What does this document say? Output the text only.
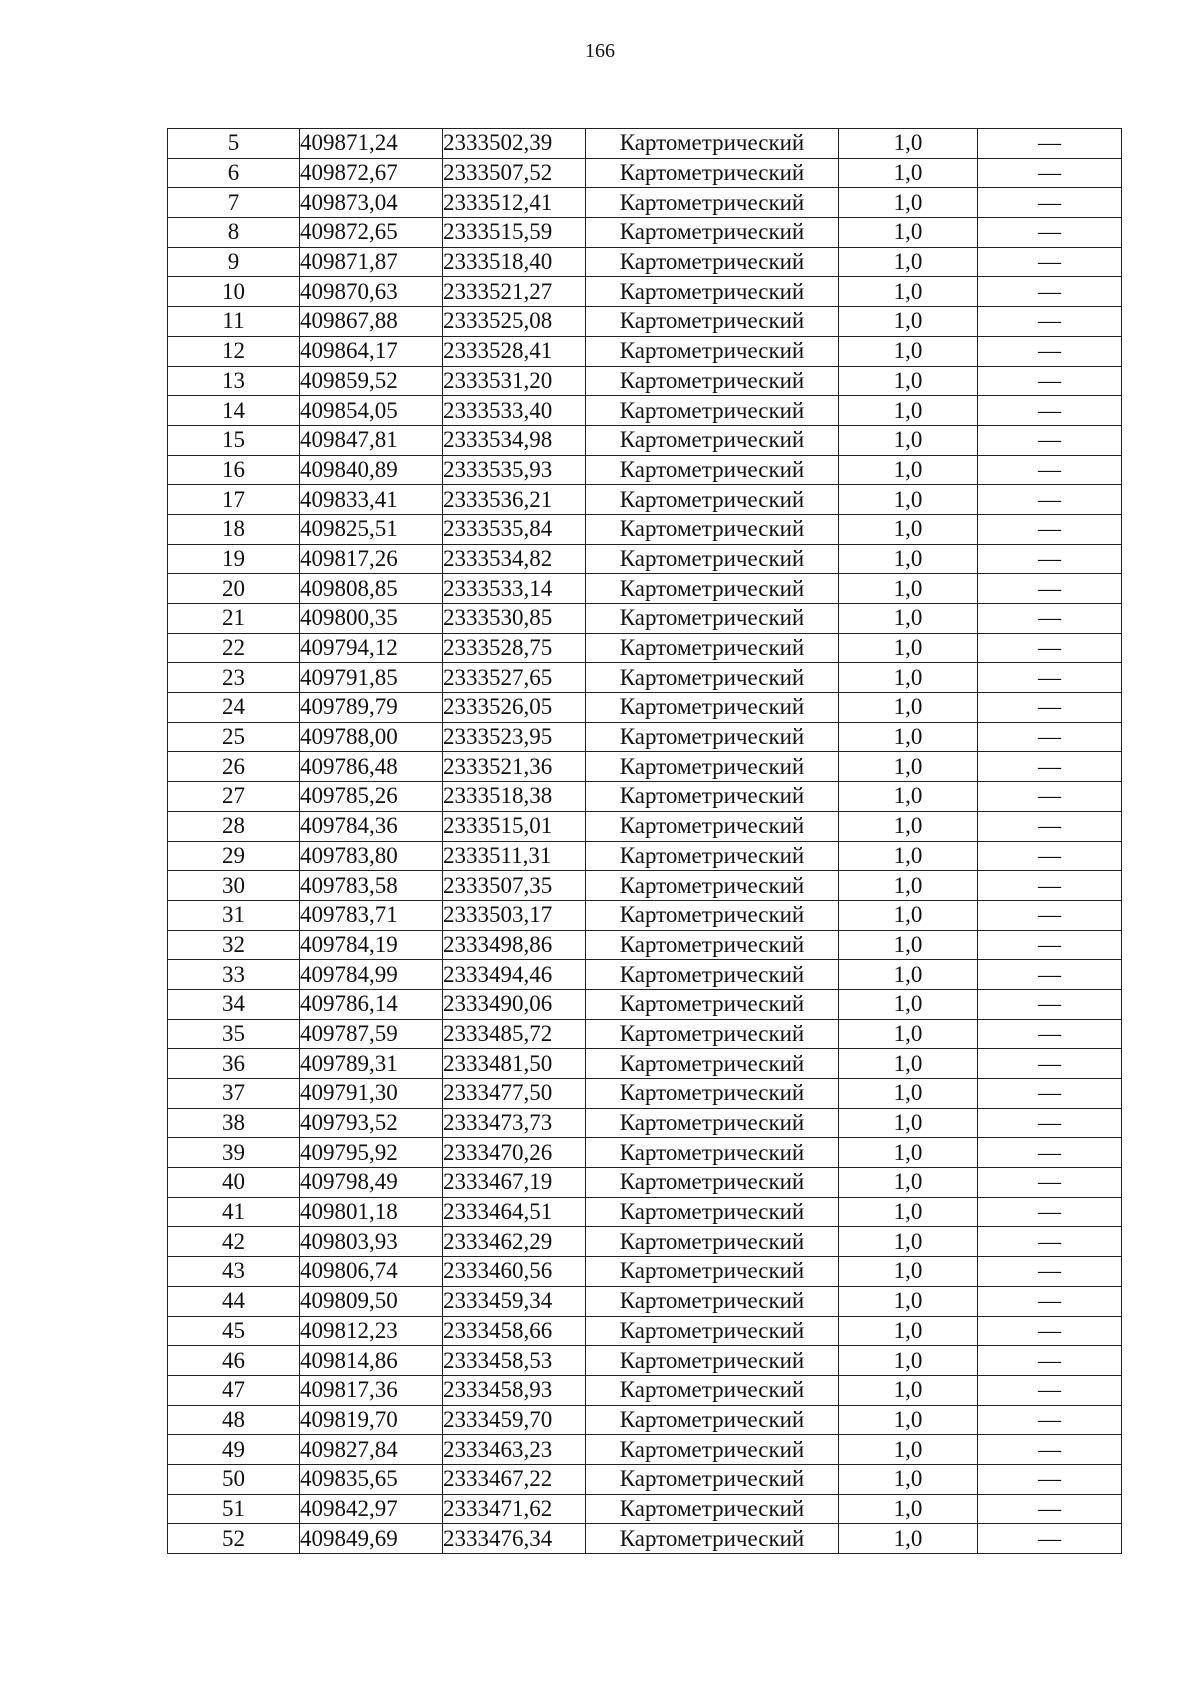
166
5	409871,24	2333502,39	Картометрический	1,0	—
6	409872,67	2333507,52	Картометрический	1,0	—
7	409873,04	2333512,41	Картометрический	1,0	—
8	409872,65	2333515,59	Картометрический	1,0	—
9	409871,87	2333518,40	Картометрический	1,0	—
10	409870,63	2333521,27	Картометрический	1,0	—
11	409867,88	2333525,08	Картометрический	1,0	—
12	409864,17	2333528,41	Картометрический	1,0	—
13	409859,52	2333531,20	Картометрический	1,0	—
14	409854,05	2333533,40	Картометрический	1,0	—
15	409847,81	2333534,98	Картометрический	1,0	—
16	409840,89	2333535,93	Картометрический	1,0	—
17	409833,41	2333536,21	Картометрический	1,0	—
18	409825,51	2333535,84	Картометрический	1,0	—
19	409817,26	2333534,82	Картометрический	1,0	—
20	409808,85	2333533,14	Картометрический	1,0	—
21	409800,35	2333530,85	Картометрический	1,0	—
22	409794,12	2333528,75	Картометрический	1,0	—
23	409791,85	2333527,65	Картометрический	1,0	—
24	409789,79	2333526,05	Картометрический	1,0	—
25	409788,00	2333523,95	Картометрический	1,0	—
26	409786,48	2333521,36	Картометрический	1,0	—
27	409785,26	2333518,38	Картометрический	1,0	—
28	409784,36	2333515,01	Картометрический	1,0	—
29	409783,80	2333511,31	Картометрический	1,0	—
30	409783,58	2333507,35	Картометрический	1,0	—
31	409783,71	2333503,17	Картометрический	1,0	—
32	409784,19	2333498,86	Картометрический	1,0	—
33	409784,99	2333494,46	Картометрический	1,0	—
34	409786,14	2333490,06	Картометрический	1,0	—
35	409787,59	2333485,72	Картометрический	1,0	—
36	409789,31	2333481,50	Картометрический	1,0	—
37	409791,30	2333477,50	Картометрический	1,0	—
38	409793,52	2333473,73	Картометрический	1,0	—
39	409795,92	2333470,26	Картометрический	1,0	—
40	409798,49	2333467,19	Картометрический	1,0	—
41	409801,18	2333464,51	Картометрический	1,0	—
42	409803,93	2333462,29	Картометрический	1,0	—
43	409806,74	2333460,56	Картометрический	1,0	—
44	409809,50	2333459,34	Картометрический	1,0	—
45	409812,23	2333458,66	Картометрический	1,0	—
46	409814,86	2333458,53	Картометрический	1,0	—
47	409817,36	2333458,93	Картометрический	1,0	—
48	409819,70	2333459,70	Картометрический	1,0	—
49	409827,84	2333463,23	Картометрический	1,0	—
50	409835,65	2333467,22	Картометрический	1,0	—
51	409842,97	2333471,62	Картометрический	1,0	—
52	409849,69	2333476,34	Картометрический	1,0	—
